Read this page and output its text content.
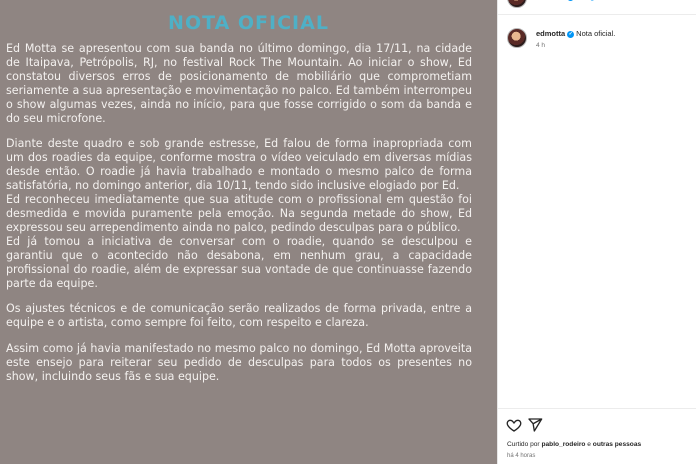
NOTA OFICIAL

Ed Motta se apresentou com sua banda no último domingo, dia 17/11, na cidade de Itaipava, Petrópolis, RJ, no festival Rock The Mountain. Ao iniciar o show, Ed constatou diversos erros de posicionamento de mobiliário que comprometiam seriamente a sua apresentação e movimentação no palco. Ed também interrompeu o show algumas vezes, ainda no início, para que fosse corrigido o som da banda e do seu microfone.

Diante deste quadro e sob grande estresse, Ed falou de forma inapropriada com um dos roadies da equipe, conforme mostra o vídeo veiculado em diversas mídias desde então. O roadie já havia trabalhado e montado o mesmo palco de forma satisfatória, no domingo anterior, dia 10/11, tendo sido inclusive elogiado por Ed.

Ed reconheceu imediatamente que sua atitude com o profissional em questão foi desmedida e movida puramente pela emoção. Na segunda metade do show, Ed expressou seu arrependimento ainda no palco, pedindo desculpas para o público.

Ed já tomou a iniciativa de conversar com o roadie, quando se desculpou e garantiu que o acontecido não desabona, em nenhum grau, a capacidade profissional do roadie, além de expressar sua vontade de que continuasse fazendo parte da equipe.

Os ajustes técnicos e de comunicação serão realizados de forma privada, entre a equipe e o artista, como sempre foi feito, com respeito e clareza.

Assim como já havia manifestado no mesmo palco no domingo, Ed Motta aproveita este ensejo para reiterar seu pedido de desculpas para todos os presentes no show, incluindo seus fãs e sua equipe.

edmotta ✓ Nota oficial.
4 h
Curtido por pablo_rodeiro e outras pessoas
há 4 horas
